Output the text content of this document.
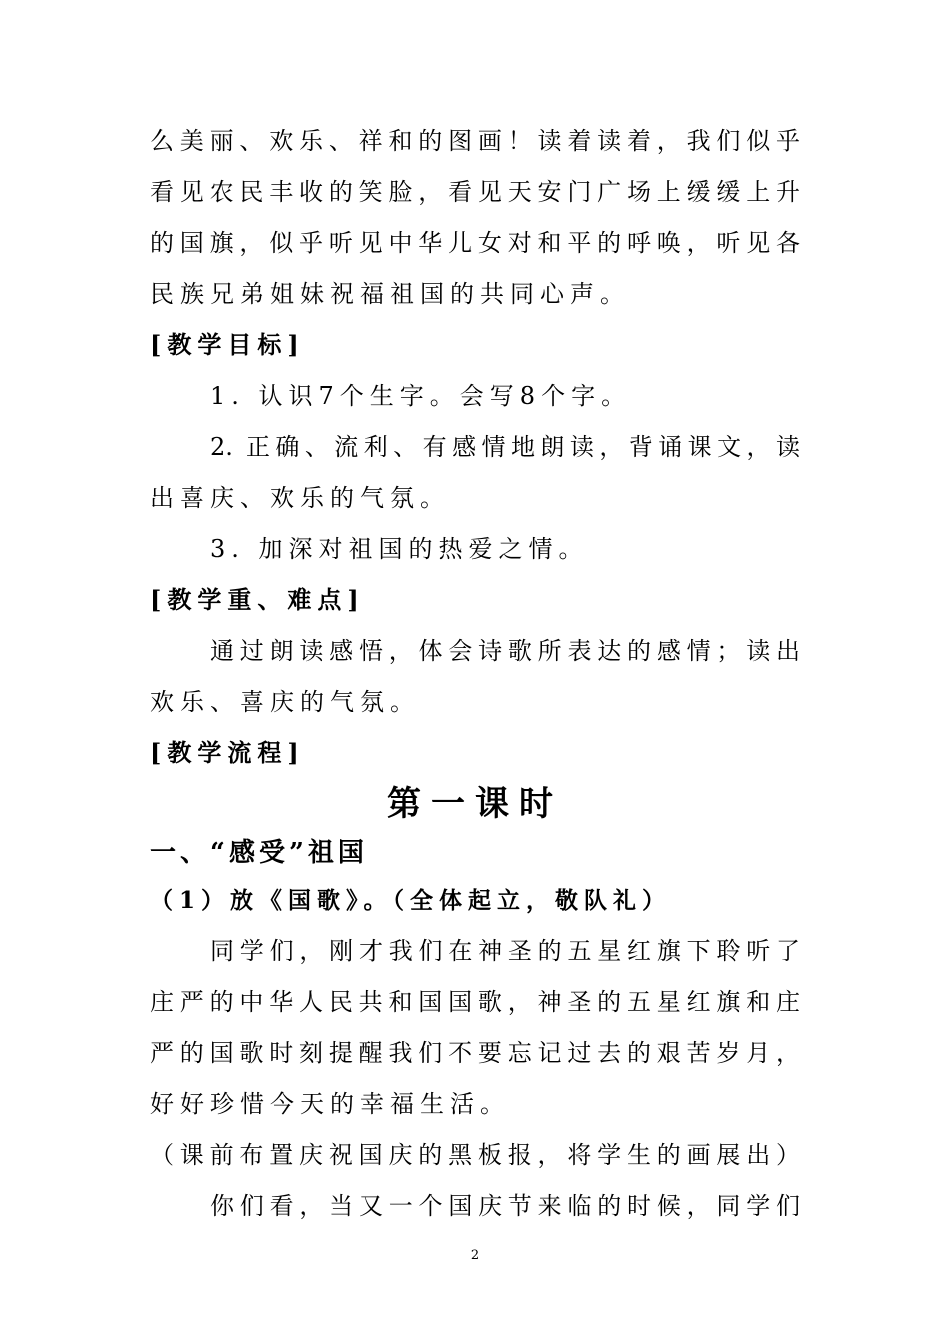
么美丽、欢乐、祥和的图画！读着读着，我们似乎
看见农民丰收的笑脸，看见天安门广场上缓缓上升
的国旗，似乎听见中华儿女对和平的呼唤，听见各
民族兄弟姐妹祝福祖国的共同心声。
[教学目标]
1. 认识7个生字。会写8个字。
2. 正确、流利、有感情地朗读，背诵课文，读
出喜庆、欢乐的气氛。
3. 加深对祖国的热爱之情。
[教学重、难点]
通过朗读感悟，体会诗歌所表达的感情；读出
欢乐、喜庆的气氛。
[教学流程]
第一课时
一、“感受”祖国
（1）放《国歌》。（全体起立，敬队礼）
同学们，刚才我们在神圣的五星红旗下聆听了
庄严的中华人民共和国国歌，神圣的五星红旗和庄
严的国歌时刻提醒我们不要忘记过去的艰苦岁月，
好好珍惜今天的幸福生活。
（课前布置庆祝国庆的黑板报，将学生的画展出）
你们看，当又一个国庆节来临的时候，同学们
2
